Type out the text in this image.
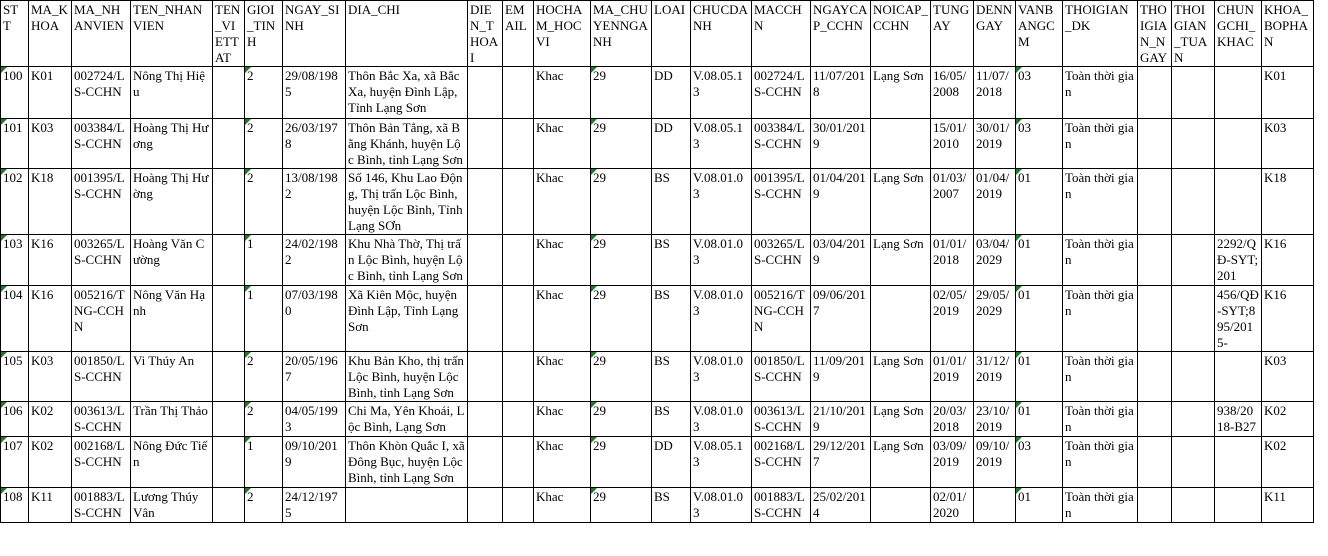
STT	MA_KHOA	MA_NHANVIEN	TEN_NHANVIEN	TEN_VIETTAT	GIOI_TINH	NGAY_SINH	DIA_CHI	DIEN_THOAI	EMAIL	HOCHAM_HOCVI	MA_CHUYENNGANH	LOAI	CHUCDANH	MACCHN	NGAYCAP_CCHN	NOICAP_CCHN	TUNGAY	DENNGAY	VANBANGCM	THOIGIAN_DK	THOIGIAN_NGAY	THOIGIAN_TUAN	CHUNGCHI_KHAC	KHOA_BOPHAN
100	K01	002724/LS-CCHN	Nông Thị Hiệu		2	29/08/1985	Thôn Bắc Xa, xã Bắc Xa, huyện Đình Lập, Tỉnh Lạng Sơn			Khac	29	DD	V.08.05.13	002724/LS-CCHN	11/07/2018	Lạng Sơn	16/05/2008	11/07/2018	03	Toàn thời gian				K01
101	K03	003384/LS-CCHN	Hoàng Thị Hương		2	26/03/1978	Thôn Bản Tẳng, xã Bằng Khánh, huyện Lộc Bình, tỉnh Lạng Sơn			Khac	29	DD	V.08.05.13	003384/LS-CCHN	30/01/2019		15/01/2010	30/01/2019	03	Toàn thời gian				K03
102	K18	001395/LS-CCHN	Hoàng Thị Hường		2	13/08/1982	Số 146, Khu Lao Động, Thị trấn Lộc Bình, huyện Lộc Bình, Tỉnh Lạng SƠn			Khac	29	BS	V.08.01.03	001395/LS-CCHN	01/04/2019	Lạng Sơn	01/03/2007	01/04/2019	01	Toàn thời gian				K18
103	K16	003265/LS-CCHN	Hoàng Văn Cường		1	24/02/1982	Khu Nhà Thờ, Thị trấn Lộc Bình, huyện Lộc Bình, tỉnh Lạng Sơn			Khac	29	BS	V.08.01.03	003265/LS-CCHN	03/04/2019	Lạng Sơn	01/01/2018	03/04/2029	01	Toàn thời gian			2292/QĐ-SYT;201	K16
104	K16	005216/TNG-CCHN	Nông Văn Hạnh		1	07/03/1980	Xã Kiên Mộc, huyện Đình Lập, Tỉnh Lạng Sơn			Khac	29	BS	V.08.01.03	005216/TNG-CCHN	09/06/2017		02/05/2019	29/05/2029	01	Toàn thời gian			456/QĐ-SYT;895/2015-	K16
105	K03	001850/LS-CCHN	Vi Thúy An		2	20/05/1967	Khu Bản Kho, thị trấn Lộc Bình, huyện Lộc Bình, tỉnh Lạng Sơn			Khac	29	BS	V.08.01.03	001850/LS-CCHN	11/09/2019	Lạng Sơn	01/01/2019	31/12/2019	01	Toàn thời gian				K03
106	K02	003613/LS-CCHN	Trần Thị Thảo		2	04/05/1993	Chi Ma, Yên Khoái, Lộc Bình, Lạng Sơn			Khac	29	BS	V.08.01.03	003613/LS-CCHN	21/10/2019	Lạng Sơn	20/03/2018	23/10/2019	01	Toàn thời gian			938/2018-B27	K02
107	K02	002168/LS-CCHN	Nông Đức Tiến		1	09/10/2019	Thôn Khòn Quắc I, xã Đông Bục, huyện Lộc Bình, tỉnh Lạng Sơn			Khac	29	DD	V.08.05.13	002168/LS-CCHN	29/12/2017	Lạng Sơn	03/09/2019	09/10/2019	03	Toàn thời gian				K02
108	K11	001883/LS-CCHN	Lương Thúy Vân		2	24/12/1975				Khac	29	BS	V.08.01.03	001883/LS-CCHN	25/02/2014		02/01/2020		01	Toàn thời gian				K11
